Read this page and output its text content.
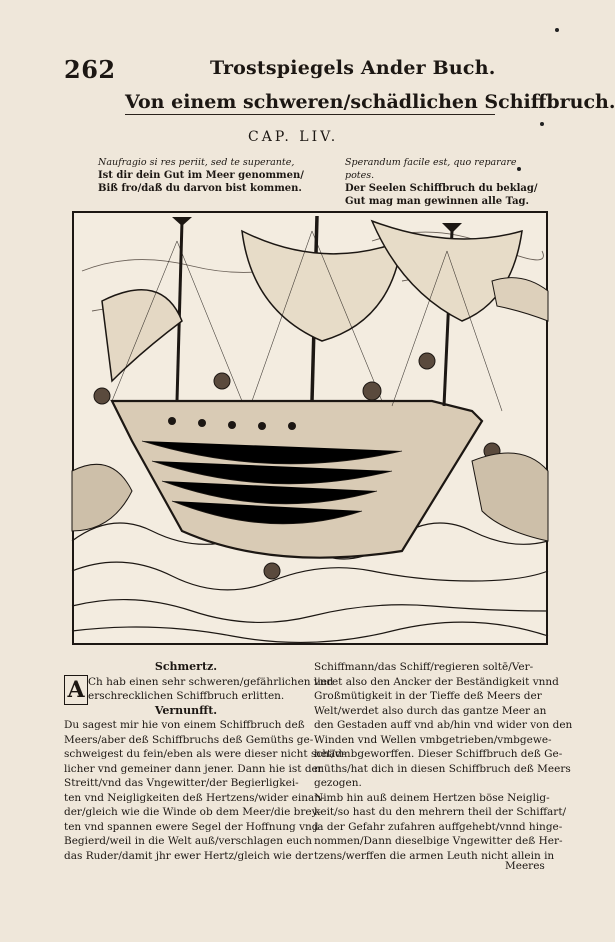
262	Trostspiegels Ander Buch.
Von einem schweren/schädlichen Schiffbruch.
CAP. LIV.
Naufragio si res periit, sed te superante,
Ist dir dein Gut im Meer genommen/
Biß fro/daß du darvon bist kommen.
Sperandum facile est, quo reparare potes.
Der Seelen Schiffbruch du beklag/
Gut mag man gewinnen alle Tag.
Schmertz.
A Ch hab einen sehr schweren/gefährlichen vnd
erschrecklichen Schiffbruch erlitten.
Vernunfft.
Du sagest mir hie von einem Schiffbruch deß
Meers/aber deß Schiffbruchs deß Gemüths ge-
schweigest du fein/eben als were dieser nicht schäd-
licher vnd gemeiner dann jener. Dann hie ist der
Streitt/vnd das Vngewitter/der Begierligkei-
ten vnd Neigligkeiten deß Hertzens/wider einan-
der/gleich wie die Winde ob dem Meer/die brey-
ten vnd spannen ewere Segel der Hoffnung vnd
Begierd/weil in die Welt auß/verschlagen euch
das Ruder/damit jhr ewer Hertz/gleich wie der
Schiffmann/das Schiff/regieren soltē/Ver-
lieret also den Ancker der Beständigkeit vnnd
Großmütigkeit in der Tieffe deß Meers der
Welt/werdet also durch das gantze Meer an
den Gestaden auff vnd ab/hin vnd wider von den
Winden vnd Wellen vmbgetrieben/vmbgewe-
het/vmbgeworffen. Dieser Schiffbruch deß Ge-
müths/hat dich in diesen Schiffbruch deß Meers
gezogen.
Nimb hin auß deinem Hertzen böse Neiglig-
keit/so hast du den mehrern theil der Schiffart/
ja der Gefahr zufahren auffgehebt/vnnd hinge-
nommen/Dann dieselbige Vngewitter deß Her-
tzens/werffen die armen Leuth nicht allein in
Meeres
